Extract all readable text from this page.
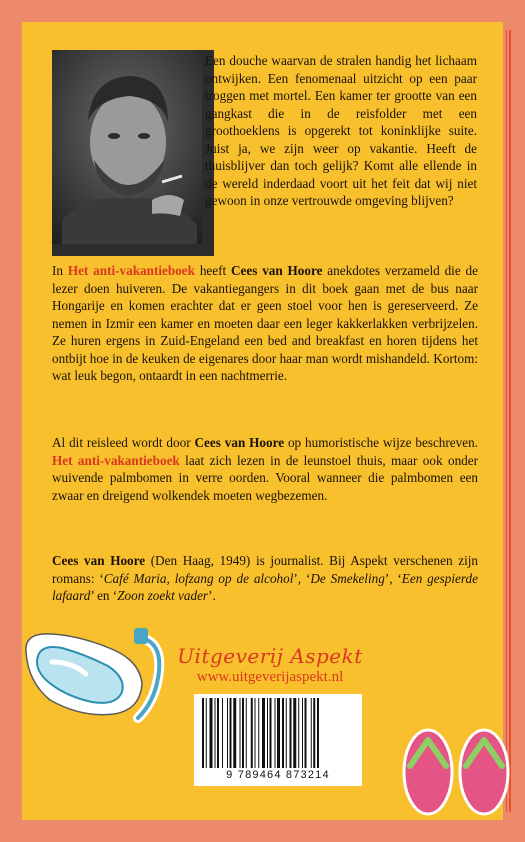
Een douche waarvan de stralen handig het lichaam ontwijken. Een fenomenaal uitzicht op een paar troggen met mortel. Een kamer ter grootte van een gangkast die in de reisfolder met een groothoeklens is opgerekt tot koninklijke suite. Juist ja, we zijn weer op vakantie. Heeft de thuisblijver dan toch gelijk? Komt alle ellende in de wereld inderdaad voort uit het feit dat wij niet gewoon in onze vertrouwde omgeving blijven?
In Het anti-vakantieboek heeft Cees van Hoore anekdotes verzameld die de lezer doen huiveren. De vakantiegangers in dit boek gaan met de bus naar Hongarije en komen erachter dat er geen stoel voor hen is gereserveerd. Ze nemen in Izmir een kamer en moeten daar een leger kakkerlakken verbrijzelen. Ze huren ergens in Zuid-Engeland een bed and breakfast en horen tijdens het ontbijt hoe in de keuken de eigenares door haar man wordt mishandeld. Kortom: wat leuk begon, ontaardt in een nachtmerrie.
Al dit reisleed wordt door Cees van Hoore op humoristische wijze beschreven. Het anti-vakantieboek laat zich lezen in de leunstoel thuis, maar ook onder wuivende palmbomen in verre oorden. Vooral wanneer die palmbomen een zwaar en dreigend wolkendek moeten wegbezemen.
Cees van Hoore (Den Haag, 1949) is journalist. Bij Aspekt verschenen zijn romans: ‘Café Maria, lofzang op de alcohol’, ‘De Smekeling’, ‘Een gespierde lafaard’ en ‘Zoon zoekt vader’.
Uitgeverij Aspekt
www.uitgeverijaspekt.nl
9 789464 873214
